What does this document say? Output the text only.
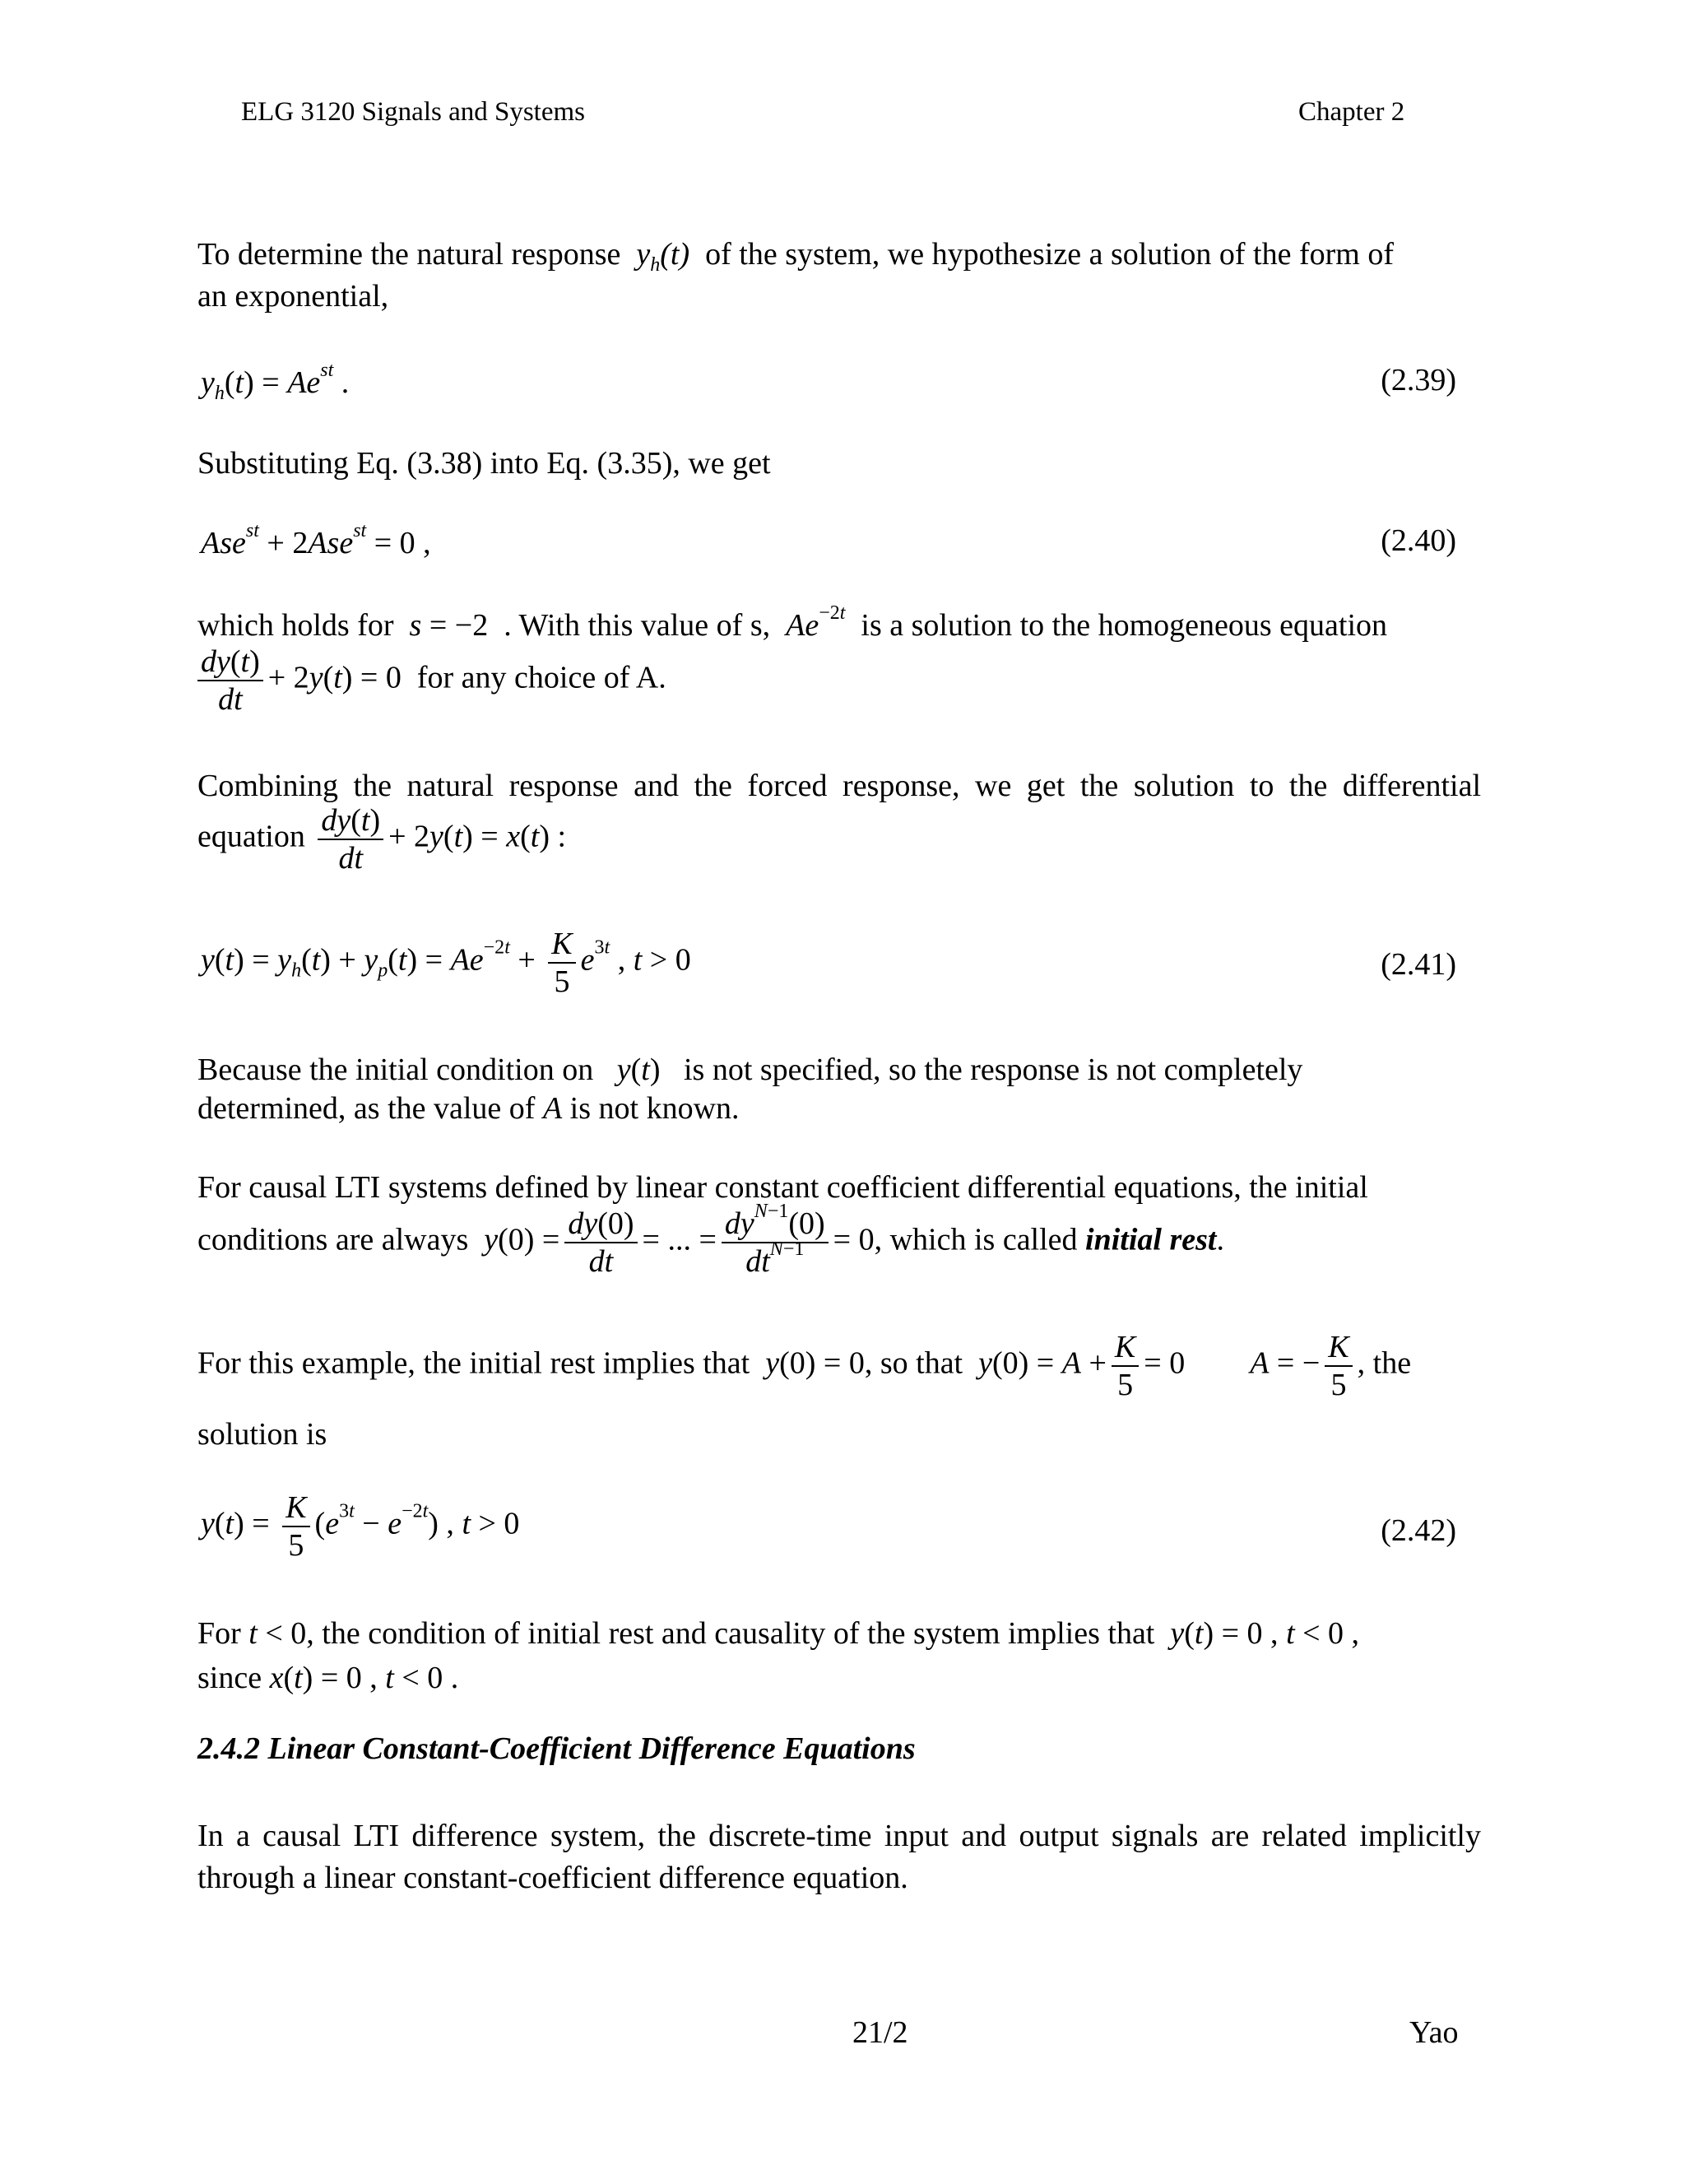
ELG 3120 Signals and Systems	Chapter 2
To determine the natural response  $y_h(t)$  of the system, we hypothesize a solution of the form of
an exponential,
$y_h(t) = Ae^{st}$ .	(2.39)
Substituting Eq. (3.38) into Eq. (3.35), we get
Ase$^{st}$ + 2Ase$^{st}$ = 0 ,	(2.40)
which holds for s = −2  . With this value of s, $Ae^{-2t}$ is a solution to the homogeneous equation
$\frac{dy(t)}{dt} + 2y(t) = 0$  for any choice of A.
Combining the natural response and the forced response, we get the solution to the differential
equation $\frac{dy(t)}{dt} + 2y(t) = x(t)$ :
$y(t) = y_h(t) + y_p(t) = Ae^{-2t} + \frac{K}{5} e^{3t}$ , t > 0	(2.41)
Because the initial condition on y(t)   is not specified, so the response is not completely
determined, as the value of A is not known.
For causal LTI systems defined by linear constant coefficient differential equations, the initial
conditions are always $y(0) = \frac{dy(0)}{dt}$ = ... = $\frac{dy^{N-1}(0)}{dt^{N-1}} = 0$, which is called initial rest.
For this example, the initial rest implies that y(0) = 0, so that $y(0) = A + \frac{K}{5} = 0$  A = − $\frac{K}{5}$ , the
solution is
$y(t) = \frac{K}{5} (e^{3t} - e^{-2t})$ , t > 0	(2.42)
For t < 0, the condition of initial rest and causality of the system implies that y(t) = 0 , t < 0 ,
since x(t) = 0 , t < 0 .
2.4.2 Linear Constant-Coefficient Difference Equations
In a causal LTI difference system, the discrete-time input and output signals are related implicitly through a linear constant-coefficient difference equation.
21/2	Yao
